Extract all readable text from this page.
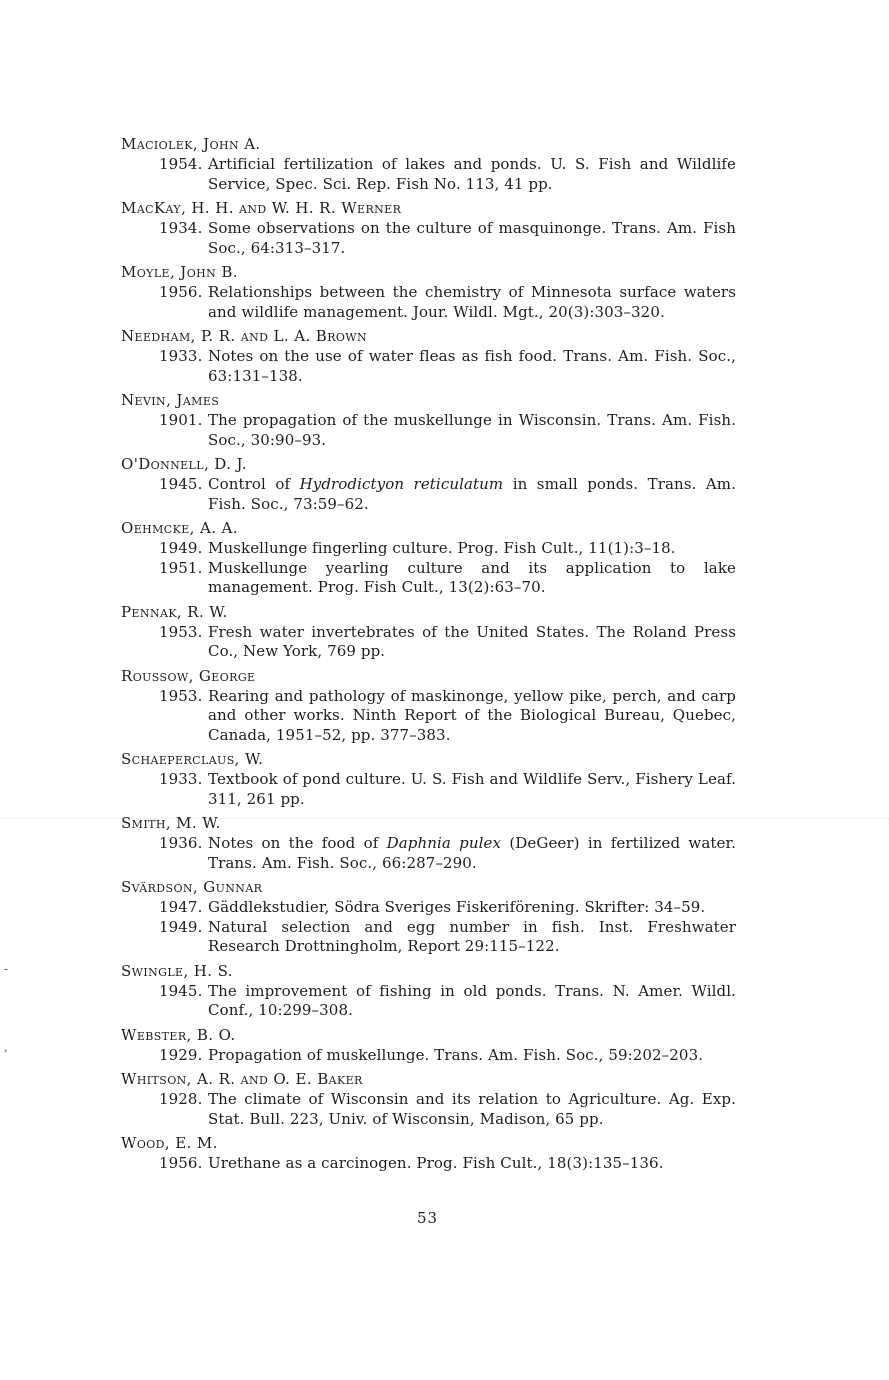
-
,
Maciolek, John A.
1954. Artificial fertilization of lakes and ponds. U. S. Fish and Wildlife Service, Spec. Sci. Rep. Fish No. 113, 41 pp.
MacKay, H. H. and W. H. R. Werner
1934. Some observations on the culture of masquinonge. Trans. Am. Fish Soc., 64:313–317.
Moyle, John B.
1956. Relationships between the chemistry of Minnesota surface waters and wildlife management. Jour. Wildl. Mgt., 20(3):303–320.
Needham, P. R. and L. A. Brown
1933. Notes on the use of water fleas as fish food. Trans. Am. Fish. Soc., 63:131–138.
Nevin, James
1901. The propagation of the muskellunge in Wisconsin. Trans. Am. Fish. Soc., 30:90–93.
O'Donnell, D. J.
1945. Control of Hydrodictyon reticulatum in small ponds. Trans. Am. Fish. Soc., 73:59–62.
Oehmcke, A. A.
1949. Muskellunge fingerling culture. Prog. Fish Cult., 11(1):3–18.
1951. Muskellunge yearling culture and its application to lake management. Prog. Fish Cult., 13(2):63–70.
Pennak, R. W.
1953. Fresh water invertebrates of the United States. The Roland Press Co., New York, 769 pp.
Roussow, George
1953. Rearing and pathology of maskinonge, yellow pike, perch, and carp and other works. Ninth Report of the Biological Bureau, Quebec, Canada, 1951–52, pp. 377–383.
Schaeperclaus, W.
1933. Textbook of pond culture. U. S. Fish and Wildlife Serv., Fishery Leaf. 311, 261 pp.
Smith, M. W.
1936. Notes on the food of Daphnia pulex (DeGeer) in fertilized water. Trans. Am. Fish. Soc., 66:287–290.
Svärdson, Gunnar
1947. Gäddlekstudier, Södra Sveriges Fiskeriförening. Skrifter: 34–59.
1949. Natural selection and egg number in fish. Inst. Freshwater Research Drottningholm, Report 29:115–122.
Swingle, H. S.
1945. The improvement of fishing in old ponds. Trans. N. Amer. Wildl. Conf., 10:299–308.
Webster, B. O.
1929. Propagation of muskellunge. Trans. Am. Fish. Soc., 59:202–203.
Whitson, A. R. and O. E. Baker
1928. The climate of Wisconsin and its relation to Agriculture. Ag. Exp. Stat. Bull. 223, Univ. of Wisconsin, Madison, 65 pp.
Wood, E. M.
1956. Urethane as a carcinogen. Prog. Fish Cult., 18(3):135–136.
53
